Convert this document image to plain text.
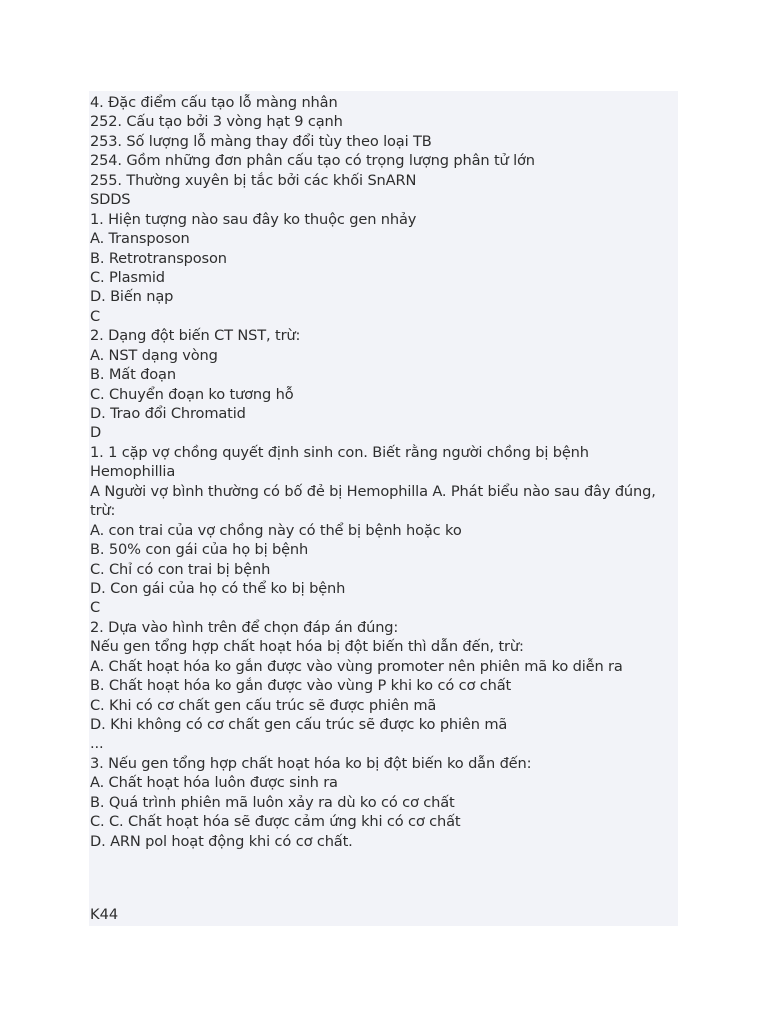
4. Đặc điểm cấu tạo lỗ màng nhân
252. Cấu tạo bởi 3 vòng hạt 9 cạnh
253. Số lượng lỗ màng thay đổi tùy theo loại TB
254. Gồm những đơn phân cấu tạo có trọng lượng phân tử lớn
255. Thường xuyên bị tắc bởi các khối SnARN
SDDS
1. Hiện tượng nào sau đây ko thuộc gen nhảy
A. Transposon
B. Retrotransposon
C. Plasmid
D. Biến nạp
C
2. Dạng đột biến CT NST, trừ:
A. NST dạng vòng
B. Mất đoạn
C. Chuyển đoạn ko tương hỗ
D. Trao đổi Chromatid
D
1. 1 cặp vợ chồng quyết định sinh con. Biết rằng người chồng bị bệnh
Hemophillia
A Người vợ bình thường có bố đẻ bị Hemophilla A. Phát biểu nào sau đây đúng,
trừ:
A. con trai của vợ chồng này có thể bị bệnh hoặc ko
B. 50% con gái của họ bị bệnh
C. Chỉ có con trai bị bệnh
D. Con gái của họ có thể ko bị bệnh
C
2. Dựa vào hình trên để chọn đáp án đúng:
Nếu gen tổng hợp chất hoạt hóa bị đột biến thì dẫn đến, trừ:
A. Chất hoạt hóa ko gắn được vào vùng promoter nên phiên mã ko diễn ra
B. Chất hoạt hóa ko gắn được vào vùng P khi ko có cơ chất
C. Khi có cơ chất gen cấu trúc sẽ được phiên mã
D. Khi không có cơ chất gen cấu trúc sẽ được ko phiên mã
...
3. Nếu gen tổng hợp chất hoạt hóa ko bị đột biến ko dẫn đến:
A. Chất hoạt hóa luôn được sinh ra
B. Quá trình phiên mã luôn xảy ra dù ko có cơ chất
C. C. Chất hoạt hóa sẽ được cảm ứng khi có cơ chất
D. ARN pol hoạt động khi có cơ chất.
K44
